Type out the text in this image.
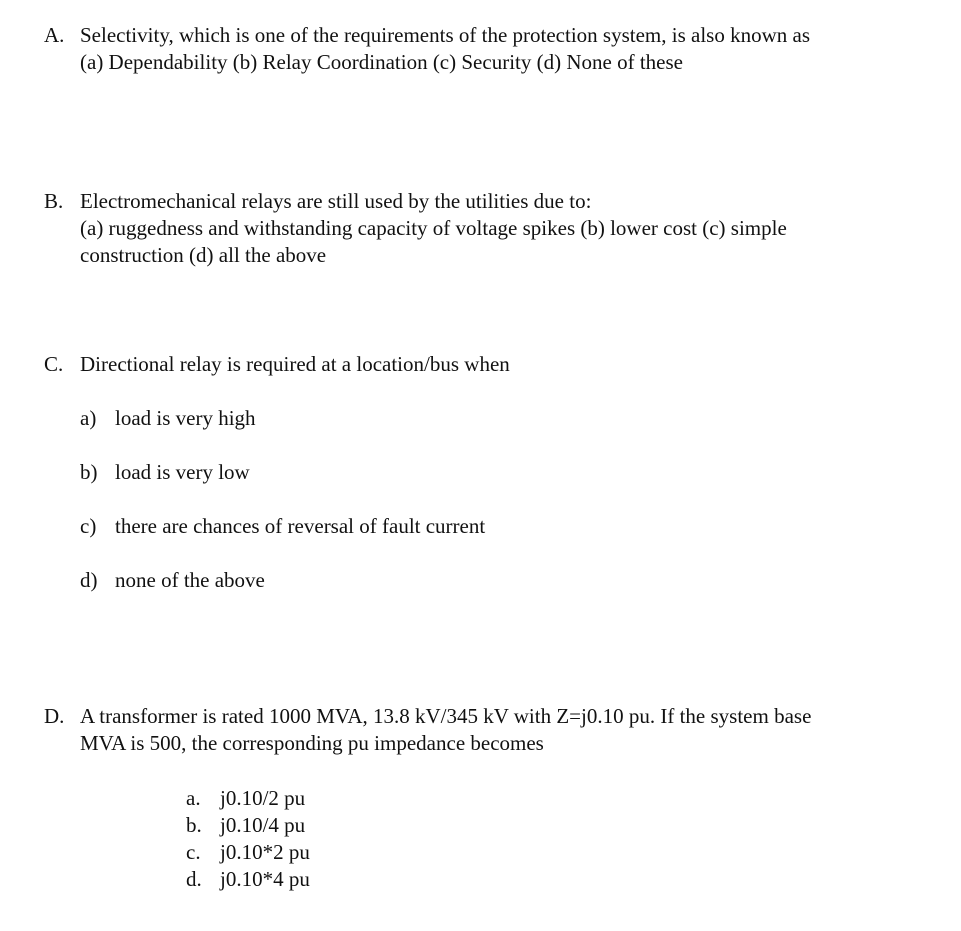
A. Selectivity, which is one of the requirements of the protection system, is also known as

(a) Dependability (b) Relay Coordination (c) Security (d) None of these

B. Electromechanical relays are still used by the utilities due to:

(a) ruggedness and withstanding capacity of voltage spikes (b) lower cost (c) simple

construction (d) all the above

C. Directional relay is required at a location/bus when

a) load is very high
b) load is very low
c) there are chances of reversal of fault current
d) none of the above
D. A transformer is rated 1000 MVA, 13.8 kV/345 kV with Z=j0.10 pu. If the system base

MVA is 500, the corresponding pu impedance becomes

a. j0.10/2 pu
b. j0.10/4 pu
c. j0.10*2 pu
d. j0.10*4 pu
